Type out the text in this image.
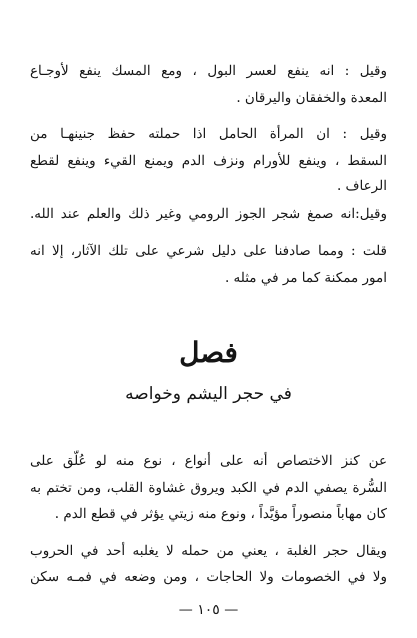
وقيل : انه ينفع لعسر البول ، ومع المسك ينفع لأوجـاع
المعدة والخفقان واليرقان .
وقيل : ان المرأة الحامل اذا حملته حفظ جنينهـا من
السقط ، وينفع للأورام ونزف الدم ويمنع القيء وينفع لقطع
الرعاف .
وقيل:انه صمغ شجر الجوز الرومي وغير ذلك والعلم عند الله.
قلت : ومما صادفنا على دليل شرعي على تلك الآثار، إلا انه
امور ممكنة كما مر في مثله .
فصل
في حجر اليشم وخواصه
عن كنز الاختصاص أنه على أنواع ، نوع منه لو عُلّق على
السُّرة يصفي الدم في الكبد ويروق غشاوة القلب، ومن تختم به
كان مهاباً منصوراً مؤيَّداً ، ونوع منه زيتي يؤثر في قطع الدم .
ويقال حجر الغلبة ، يعني من حمله لا يغلبه أحد في الحروب
ولا في الخصومات ولا الحاجات ، ومن وضعه في فمـه سكن
— ١٠٥ —
